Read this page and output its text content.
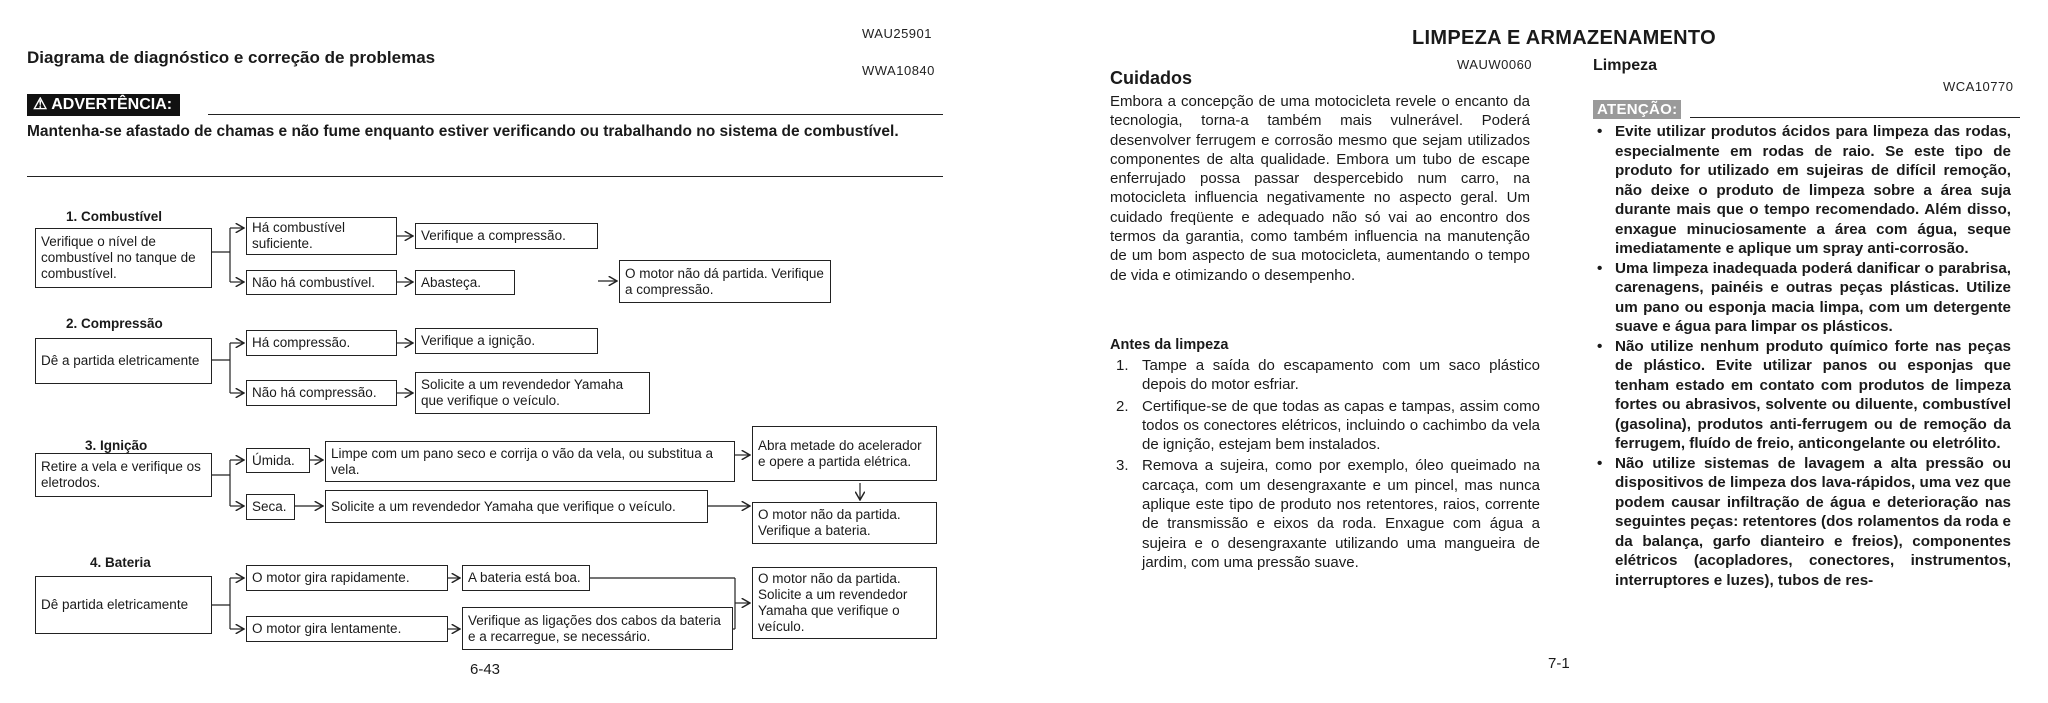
WAU25901
Diagrama de diagnóstico e correção de problemas
WWA10840
⚠ ADVERTÊNCIA:
Mantenha-se afastado de chamas e não fume enquanto estiver verificando ou trabalhando no sistema de combustível.
1. Combustível
Verifique o nível de combustível no tanque de combustível.
Há combustível suficiente.
Verifique a compressão.
Não há combustível.	Abasteça.
O motor não dá partida. Verifique a compressão.
2. Compressão
Dê a partida eletricamente
Há compressão.	Verifique a ignição.
Não há compressão.
Solicite a um revendedor Yamaha que verifique o veículo.
3. Ignição
Retire a vela e verifique os eletrodos.
Úmida.	Limpe com um pano seco e corrija o vão da vela, ou substitua a vela.
Abra metade do acelerador e opere a partida elétrica.
Seca.	Solicite a um revendedor Yamaha que verifique o veículo.
O motor não da partida. Verifique a bateria.
4. Bateria
Dê partida eletricamente
O motor gira rapidamente.	A bateria está boa.
O motor gira lentamente.
Verifique as ligações dos cabos da bateria e a recarregue, se necessário.
O motor não da partida. Solicite a um revendedor Yamaha que verifique o veículo.
6-43
LIMPEZA E ARMAZENAMENTO
Cuidados
WAUW0060
Embora a concepção de uma motocicleta revele o encanto da tecnologia, torna-a também mais vulnerável. Poderá desenvolver ferrugem e corrosão mesmo que sejam utilizados componentes de alta qualidade. Embora um tubo de escape enferrujado possa passar despercebido num carro, na motocicleta influencia negativamente no aspecto geral. Um cuidado freqüente e adequado não só vai ao encontro dos termos da garantia, como também influencia na manutenção de um bom aspecto de sua motocicleta, aumentando o tempo de vida e otimizando o desempenho.
Antes da limpeza
1. Tampe a saída do escapamento com um saco plástico depois do motor esfriar.
2. Certifique-se de que todas as capas e tampas, assim como todos os conectores elétricos, incluindo o cachimbo da vela de ignição, estejam bem instalados.
3. Remova a sujeira, como por exemplo, óleo queimado na carcaça, com um desengraxante e um pincel, mas nunca aplique este tipo de produto nos retentores, raios, corrente de transmissão e eixos da roda. Enxague com água a sujeira e o desengraxante utilizando uma mangueira de jardim, com uma pressão suave.
Limpeza
WCA10770
ATENÇÃO:
• Evite utilizar produtos ácidos para limpeza das rodas, especialmente em rodas de raio. Se este tipo de produto for utilizado em sujeiras de difícil remoção, não deixe o produto de limpeza sobre a área suja durante mais que o tempo recomendado. Além disso, enxague minuciosamente a área com água, seque imediatamente e aplique um spray anti-corrosão.
• Uma limpeza inadequada poderá danificar o parabrisa, carenagens, painéis e outras peças plásticas. Utilize um pano ou esponja macia limpa, com um detergente suave e água para limpar os plásticos.
• Não utilize nenhum produto químico forte nas peças de plástico. Evite utilizar panos ou esponjas que tenham estado em contato com produtos de limpeza fortes ou abrasivos, solvente ou diluente, combustível (gasolina), produtos anti-ferrugem ou de remoção da ferrugem, fluído de freio, anticongelante ou eletrólito.
• Não utilize sistemas de lavagem a alta pressão ou dispositivos de limpeza dos lava-rápidos, uma vez que podem causar infiltração de água e deterioração nas seguintes peças: retentores (dos rolamentos da roda e da balança, garfo dianteiro e freios), componentes elétricos (acopladores, conectores, instrumentos, interruptores e luzes), tubos de res-
7-1
